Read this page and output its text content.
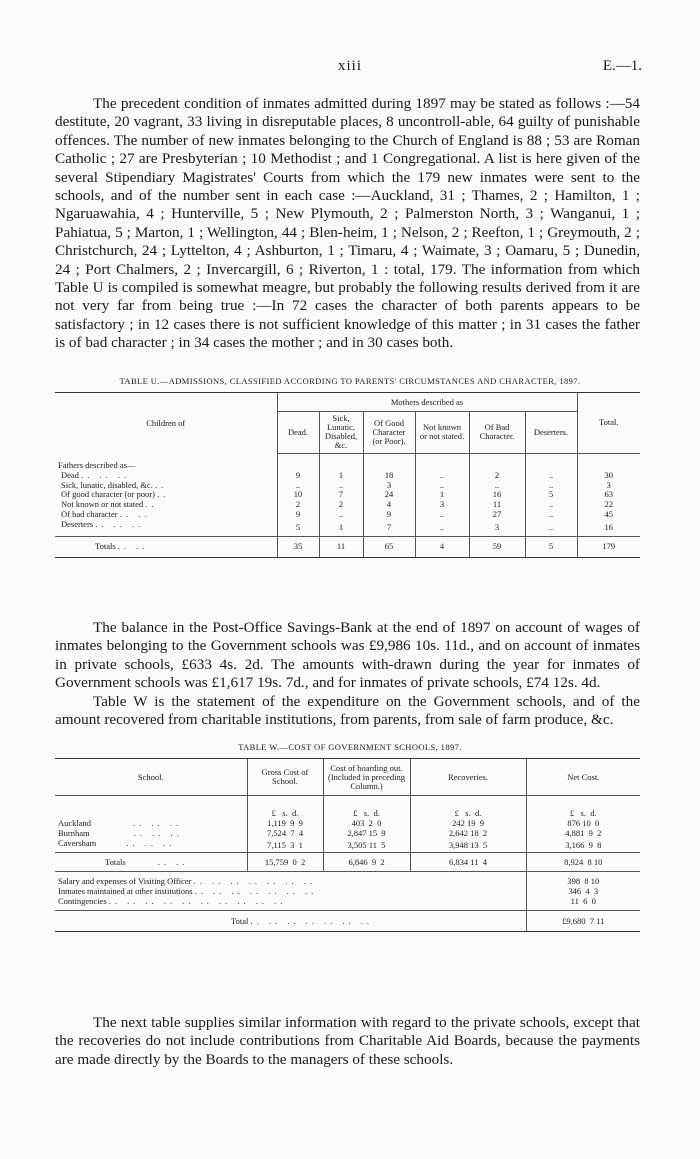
xiii	E.—1.

The precedent condition of inmates admitted during 1897 may be stated as follows :—54 destitute, 20 vagrant, 33 living in disreputable places, 8 uncontroll-able, 64 guilty of punishable offences. The number of new inmates belonging to the Church of England is 88 ; 53 are Roman Catholic ; 27 are Presbyterian ; 10 Methodist ; and 1 Congregational. A list is here given of the several Stipendiary Magistrates' Courts from which the 179 new inmates were sent to the schools, and of the number sent in each case :—Auckland, 31 ; Thames, 2 ; Hamilton, 1 ; Ngaruawahia, 4 ; Hunterville, 5 ; New Plymouth, 2 ; Palmerston North, 3 ; Wanganui, 1 ; Pahiatua, 5 ; Marton, 1 ; Wellington, 44 ; Blen-heim, 1 ; Nelson, 2 ; Reefton, 1 ; Greymouth, 2 ; Christchurch, 24 ; Lyttelton, 4 ; Ashburton, 1 ; Timaru, 4 ; Waimate, 3 ; Oamaru, 5 ; Dunedin, 24 ; Port Chalmers, 2 ; Invercargill, 6 ; Riverton, 1 : total, 179. The information from which Table U is compiled is somewhat meagre, but probably the following results derived from it are not very far from being true :—In 72 cases the character of both parents appears to be satisfactory ; in 12 cases there is not sufficient knowledge of this matter ; in 31 cases the father is of bad character ; in 34 cases the mother ; and in 30 cases both.

TABLE U.—ADMISSIONS, CLASSIFIED ACCORDING TO PARENTS' CIRCUMSTANCES AND CHARACTER, 1897.
Children of	Mothers described as						Total.
	Dead.	Sick, Lunatic, Disabled, &c.	Of Good Character (or Poor).	Not known or not stated.	Of Bad Character.	Deserters.	
Fathers described as—							
Dead .. .. ..	9	1	18	..	2	..	30
Sick, lunatic, disabled, &c. ..	..	..	3	..	..	..	3
Of good character (or poor) ..	10	7	24	1	16	5	63
Not known or not stated ..	2	2	4	3	11	..	22
Of bad character .. ..	9	..	9	..	27	..	45
Deserters .. .. ..	5	1	7	..	3	..	16
Totals .. ..	35	11	65	4	59	5	179

The balance in the Post-Office Savings-Bank at the end of 1897 on account of wages of inmates belonging to the Government schools was £9,986 10s. 11d., and on account of inmates in private schools, £633 4s. 2d. The amounts with-drawn during the year for inmates of Government schools was £1,617 19s. 7d., and for inmates of private schools, £74 12s. 4d.

Table W is the statement of the expenditure on the Government schools, and of the amount recovered from charitable institutions, from parents, from sale of farm produce, &c.

TABLE W.—COST OF GOVERNMENT SCHOOLS, 1897.
School.	Gross Cost of School.	Cost of boarding out. (Included in preceding Column.)	Recoveries.	Net Cost.
	£   s.  d.	£   s.  d.	£   s.  d.	£   s.  d.
Auckland .. .. ..	1,119  9  9	403  2  0	242 19  9	876 10  0
Burnham .. .. ..	7,524  7  4	2,847 15  9	2,642 18  2	4,881  9  2
Caversham .. .. ..	7,115  3  1	3,505 11  5	3,948 13  5	3,166  9  8
Totals .. ..	15,759  0  2	6,846  9  2	6,834 11  4	8,924  8 10
Salary and expenses of Visiting Officer .. .. .. .. .. .. ..				398  8 10
Inmates maintained at other institutions .. .. .. .. .. .. ..				346  4  3
Contingencies .. .. .. .. .. .. .. .. .. ..				11  6  0
Total .. .. .. .. .. .. ..				£9,680  7 11

The next table supplies similar information with regard to the private schools, except that the recoveries do not include contributions from Charitable Aid Boards, because the payments are made directly by the Boards to the managers of these schools.
